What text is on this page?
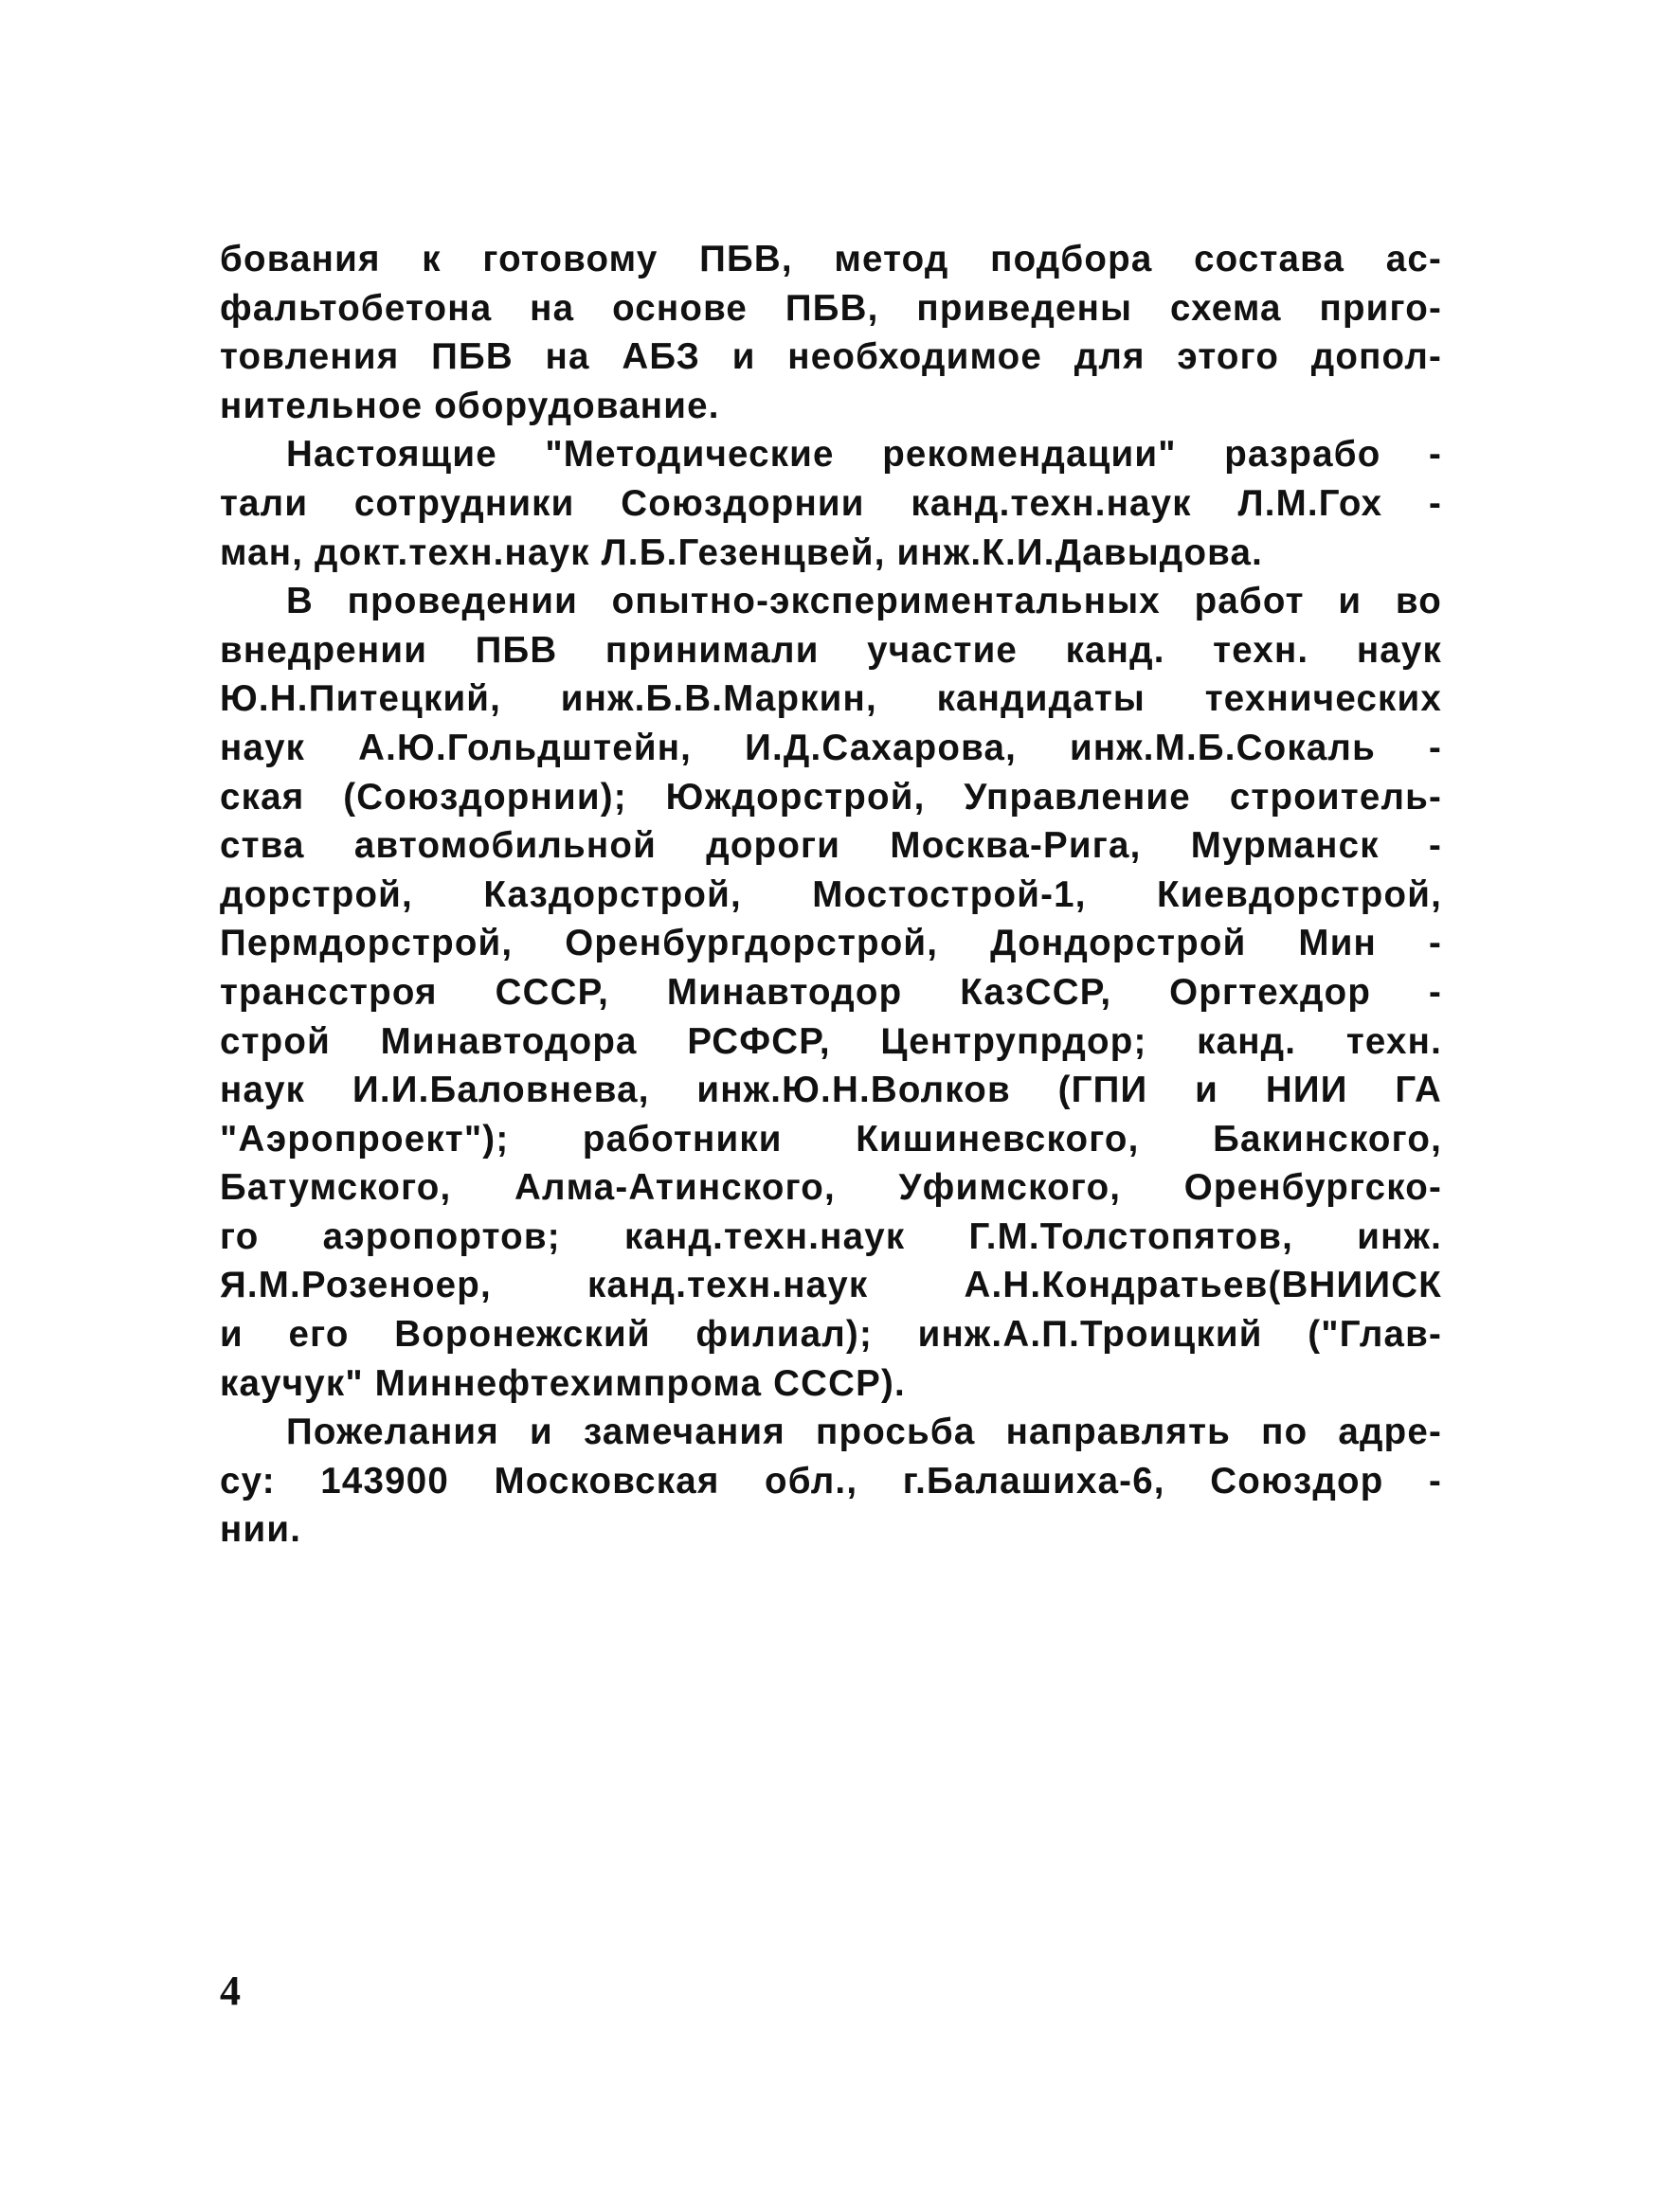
бования к готовому ПБВ, метод подбора состава ас-
фальтобетона на основе ПБВ, приведены схема приго-
товления ПБВ на АБЗ и необходимое для этого допол-
нительное оборудование.
Настоящие "Методические рекомендации" разрабо -
тали сотрудники Союздорнии канд.техн.наук Л.М.Гох -
ман, докт.техн.наук Л.Б.Гезенцвей, инж.К.И.Давыдова.
В проведении опытно-экспериментальных работ и во
внедрении ПБВ принимали участие канд. техн. наук
Ю.Н.Питецкий, инж.Б.В.Маркин, кандидаты технических
наук А.Ю.Гольдштейн, И.Д.Сахарова, инж.М.Б.Сокаль -
ская (Союздорнии); Юждорстрой, Управление строитель-
ства автомобильной дороги Москва-Рига, Мурманск -
дорстрой, Каздорстрой, Мостострой-1, Киевдорстрой,
Пермдорстрой, Оренбургдорстрой, Дондорстрой Мин -
трансстроя СССР, Минавтодор КазССР, Оргтехдор -
строй Минавтодора РСФСР, Центрупрдор; канд. техн.
наук И.И.Баловнева, инж.Ю.Н.Волков (ГПИ и НИИ ГА
"Аэропроект"); работники Кишиневского, Бакинского,
Батумского, Алма-Атинского, Уфимского, Оренбургско-
го аэропортов; канд.техн.наук Г.М.Толстопятов, инж.
Я.М.Розеноер, канд.техн.наук А.Н.Кондратьев(ВНИИСК
и его Воронежский филиал); инж.А.П.Троицкий ("Глав-
каучук" Миннефтехимпрома СССР).
Пожелания и замечания просьба направлять по адре-
су: 143900 Московская обл., г.Балашиха-6, Союздор -
нии.
4
